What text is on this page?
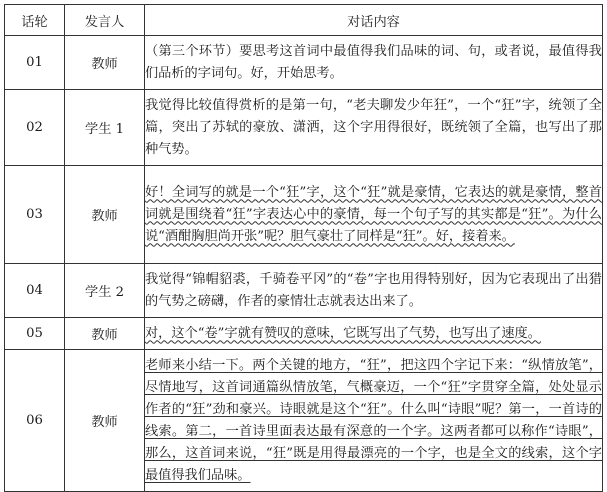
话轮	发言人	对话内容
01	教师	（第三个环节）要思考这首词中最值得我们品味的词、句，或者说，最值得我们品析的字词句。好，开始思考。
02	学生 1	我觉得比较值得赏析的是第一句，“老夫聊发少年狂”，一个“狂”字，统领了全篇，突出了苏轼的豪放、潇洒，这个字用得很好，既统领了全篇，也写出了那种气势。
03	教师	好！全词写的就是一个“狂”字，这个“狂”就是豪情，它表达的就是豪情，整首词就是围绕着“狂”字表达心中的豪情，每一个句子写的其实都是“狂”。为什么说“酒酣胸胆尚开张”呢？胆气豪壮了同样是“狂”。好，接着来。
04	学生 2	我觉得“锦帽貂裘，千骑卷平冈”的“卷”字也用得特别好，因为它表现出了出猎的气势之磅礴，作者的豪情壮志就表达出来了。
05	教师	对，这个“卷”字就有赞叹的意味，它既写出了气势，也写出了速度。
06	教师	老师来小结一下。两个关键的地方，“狂”，把这四个字记下来：“纵情放笔”，尽情地写，这首词通篇纵情放笔，气概豪迈，一个“狂”字贯穿全篇，处处显示作者的“狂”劲和豪兴。诗眼就是这个“狂”。什么叫“诗眼”呢？第一，一首诗的线索。第二，一首诗里面表达最有深意的一个字。这两者都可以称作“诗眼”，那么，这首词来说，“狂”既是用得最漂亮的一个字，也是全文的线索，这个字最值得我们品味。
